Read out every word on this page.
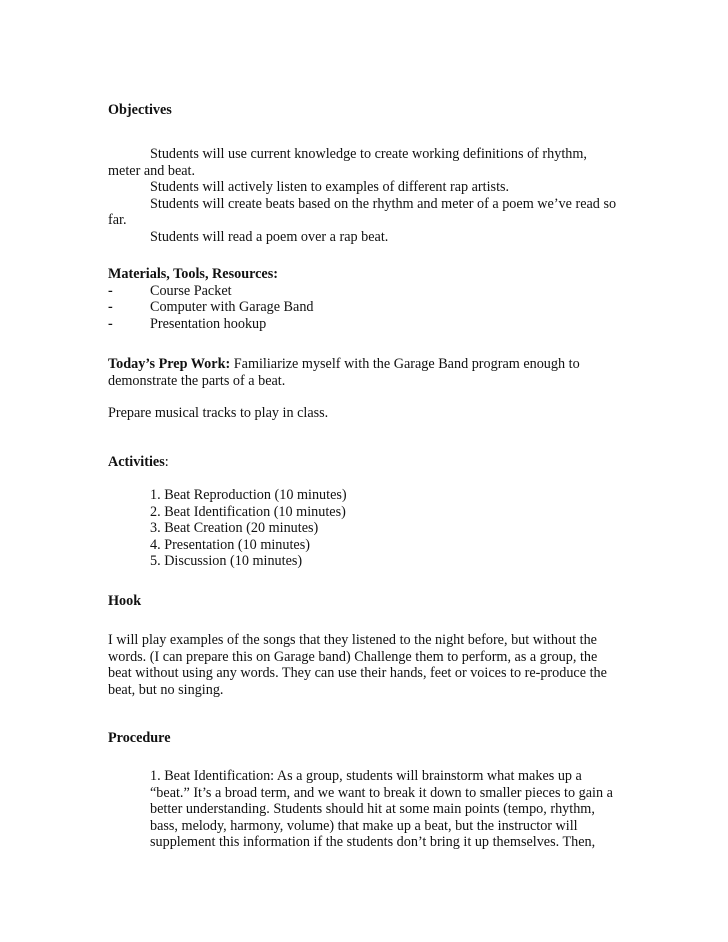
Objectives
Students will use current knowledge to create working definitions of rhythm,
meter and beat.
Students will actively listen to examples of different rap artists.
Students will create beats based on the rhythm and meter of a poem we’ve read so
far.
Students will read a poem over a rap beat.
Materials, Tools, Resources:
-	Course Packet
-	Computer with Garage Band
-	Presentation hookup
Today’s Prep Work: Familiarize myself with the Garage Band program enough to
demonstrate the parts of a beat.
Prepare musical tracks to play in class.
Activities:
1. Beat Reproduction (10 minutes)
2. Beat Identification (10 minutes)
3. Beat Creation (20 minutes)
4. Presentation (10 minutes)
5. Discussion (10 minutes)
Hook
I will play examples of the songs that they listened to the night before, but without the
words. (I can prepare this on Garage band) Challenge them to perform, as a group, the
beat without using any words. They can use their hands, feet or voices to re-produce the
beat, but no singing.
Procedure
1. Beat Identification: As a group, students will brainstorm what makes up a
“beat.” It’s a broad term, and we want to break it down to smaller pieces to gain a
better understanding. Students should hit at some main points (tempo, rhythm,
bass, melody, harmony, volume) that make up a beat, but the instructor will
supplement this information if the students don’t bring it up themselves. Then,
